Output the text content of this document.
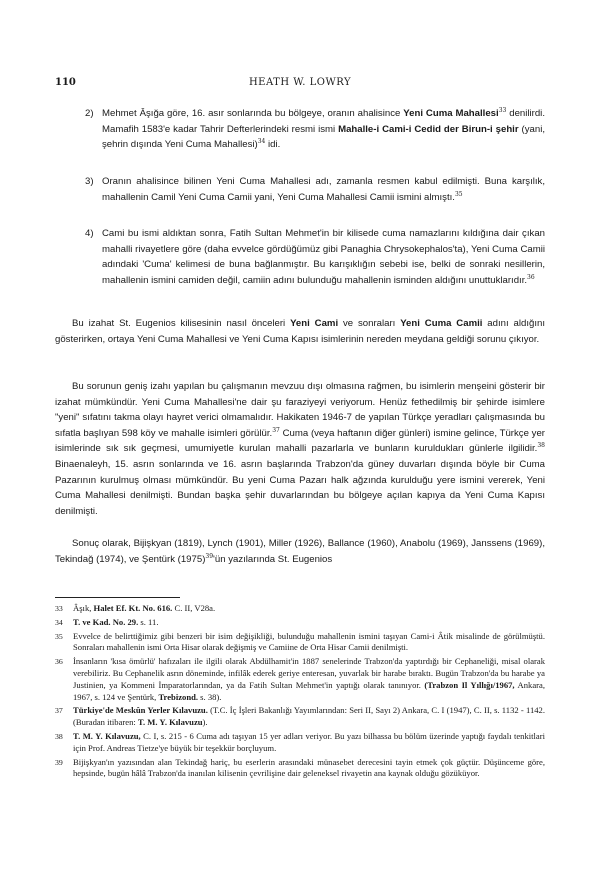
110	HEATH W. LOWRY
2) Mehmet Âşığa göre, 16. asır sonlarında bu bölgeye, oranın ahalisince Yeni Cuma Mahallesi$^{33}$ denilirdi. Mamafih 1583'e kadar Tahrir Defterlerindeki resmi ismi Mahalle-i Cami-i Cedid der Birun-i şehir (yani, şehrin dışında Yeni Cuma Mahallesi)$^{34}$ idi.
3) Oranın ahalisince bilinen Yeni Cuma Mahallesi adı, zamanla resmen kabul edilmişti. Buna karşılık, mahallenin Camil Yeni Cuma Camii yani, Yeni Cuma Mahallesi Camii ismini almıştı.$^{35}$
4) Cami bu ismi aldıktan sonra, Fatih Sultan Mehmet'in bir kilisede cuma namazlarını kıldığına dair çıkan mahalli rivayetlere göre (daha evvelce gördüğümüz gibi Panaghia Chrysokephalos'ta), Yeni Cuma Camii adındaki 'Cuma' kelimesi de buna bağlanmıştır. Bu karışıklığın sebebi ise, belki de sonraki nesillerin, mahallenin ismini camiden değil, camiin adını bulunduğu mahallenin isminden aldığını unuttuklarıdır.$^{36}$
Bu izahat St. Eugenios kilisesinin nasıl önceleri Yeni Cami ve sonraları Yeni Cuma Camii adını aldığını gösterirken, ortaya Yeni Cuma Mahallesi ve Yeni Cuma Kapısı isimlerinin nereden meydana geldiği sorunu çıkıyor.
Bu sorunun geniş izahı yapılan bu çalışmanın mevzuu dışı olmasına rağmen, bu isimlerin menşeini gösterir bir izahat mümkündür. Yeni Cuma Mahallesi'ne dair şu faraziyeyi veriyorum. Henüz fethedilmiş bir şehirde isimlere "yeni" sıfatını takma olayı hayret verici olmamalıdır. Hakikaten 1946-7 de yapılan Türkçe yeradları çalışmasında bu sıfatla başlıyan 598 köy ve mahalle isimleri görülür.$^{37}$ Cuma (veya haftanın diğer günleri) ismine gelince, Türkçe yer isimlerinde sık sık geçmesi, umumiyetle kurulan mahalli pazarlarla ve bunların kuruldukları günlerle ilgilidir.$^{38}$ Binaenaleyh, 15. asrın sonlarında ve 16. asrın başlarında Trabzon'da güney duvarları dışında böyle bir Cuma Pazarının kurulmuş olması mümkündür. Bu yeni Cuma Pazarı halk ağzında kurulduğu yere ismini vererek, Yeni Cuma Mahallesi denilmişti. Bundan başka şehir duvarlarından bu bölgeye açılan kapıya da Yeni Cuma Kapısı denilmişti.
Sonuç olarak, Bijişkyan (1819), Lynch (1901), Miller (1926), Ballance (1960), Anabolu (1969), Janssens (1969), Tekindağ (1974), ve Şentürk $(1975)^{39}'ün$ yazılarında St. Eugenios
33 Âşık, Halet Ef. Kt. No. 616. C. II, V28a.
34 T. ve Kad. No. 29. s. 11.
35 Evvelce de belirttiğimiz gibi benzeri bir isim değişikliği, bulunduğu mahallenin ismini taşıyan Cami-i Âtik misalinde de görülmüştü. Sonraları mahallenin ismi Orta Hisar olarak değişmiş ve Camiine de Orta Hisar Camii denilmişti.
36 İnsanların 'kısa ömürlü' hafızaları ile ilgili olarak Abdülhamit'in 1887 senelerinde Trabzon'da yaptırdığı bir Cephaneliği, misal olarak verebiliriz. Bu Cephanelik asrın döneminde, infilâk ederek geriye enteresan, yuvarlak bir harabe bıraktı. Bugün Trabzon'da bu harabe ya Justinien, ya Kommeni İmparatorlarından, ya da Fatih Sultan Mehmet'in yaptığı olarak tanınıyor. (Trabzon Il Yıllığı/1967, Ankara, 1967, s. 124 ve Şentürk, Trebizond. s. 38).
37 Türkiye'de Meskûn Yerler Kılavuzu. (T.C. İç İşleri Bakanlığı Yayımlarından: Seri II, Sayı 2) Ankara, C. I (1947), C. II, s. 1132 - 1142. (Buradan itibaren: T. M. Y. Kılavuzu).
38 T. M. Y. Kılavuzu, C. I, s. 215 - 6 Cuma adı taşıyan 15 yer adları veriyor. Bu yazı bilhassa bu bölüm üzerinde yaptığı faydalı tenkitlari için Prof. Andreas Tietze'ye büyük bir teşekkür borçluyum.
39 Bijişkyan'ın yazısından alan Tekindağ hariç, bu eserlerin arasındaki münasebet derecesini tayin etmek çok güçtür. Düşünceme göre, hepsinde, bugün hâlâ Trabzon'da inanılan kilisenin çevrilişine dair geleneksel rivayetin ana kaynak olduğu gözüküyor.
